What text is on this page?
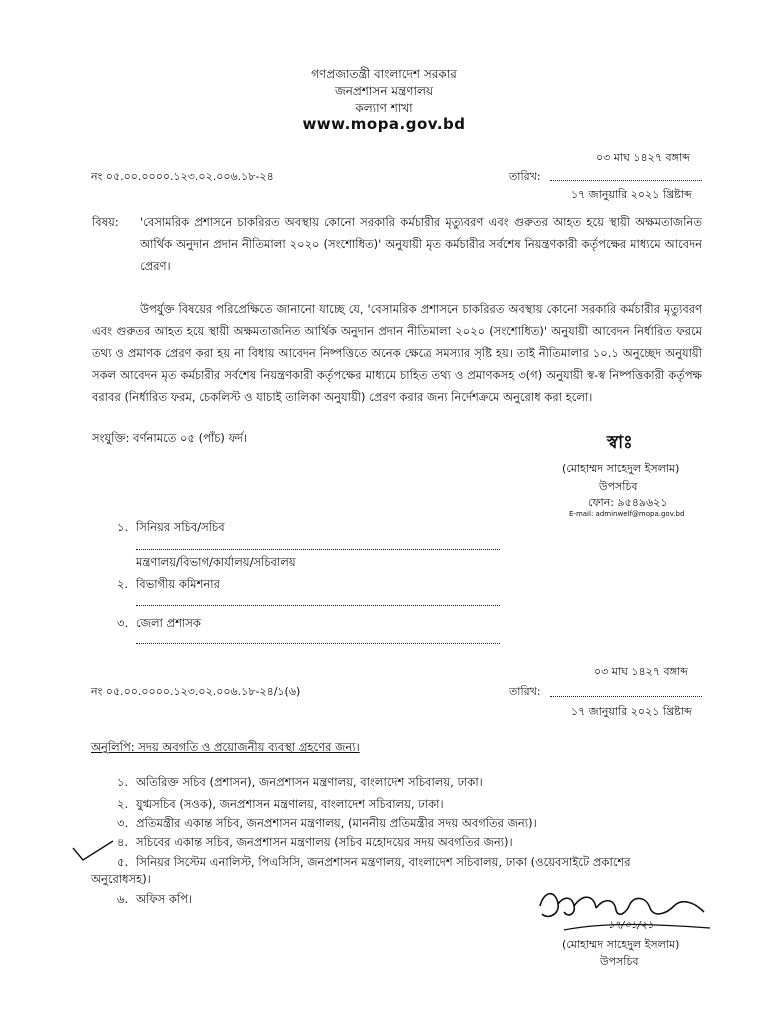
গণপ্রজাতন্ত্রী বাংলাদেশ সরকার
জনপ্রশাসন মন্ত্রণালয়
কল্যাণ শাখা
www.mopa.gov.bd
০৩ মাঘ ১৪২৭ বঙ্গাব্দ
নং ০৫.০০.০০০০.১২৩.০২.০০৬.১৮-২৪	তারিখ:
১৭ জানুয়ারি ২০২১ খ্রিষ্টাব্দ
বিষয়: 'বেসামরিক প্রশাসনে চাকরিরত অবস্থায় কোনো সরকারি কর্মচারীর মৃত্যুবরণ এবং গুরুতর আহত হয়ে স্থায়ী অক্ষমতাজনিত আর্থিক অনুদান প্রদান নীতিমালা ২০২০ (সংশোধিত)' অনুযায়ী মৃত কর্মচারীর সর্বশেষ নিয়ন্ত্রণকারী কর্তৃপক্ষের মাধ্যমে আবেদন প্রেরণ।
উপর্যুক্ত বিষয়ের পরিপ্রেক্ষিতে জানানো যাচ্ছে যে, 'বেসামরিক প্রশাসনে চাকরিরত অবস্থায় কোনো সরকারি কর্মচারীর মৃত্যুবরণ এবং গুরুতর আহত হয়ে স্থায়ী অক্ষমতাজনিত আর্থিক অনুদান প্রদান নীতিমালা ২০২০ (সংশোধিত)' অনুযায়ী আবেদন নির্ধারিত ফরমে তথ্য ও প্রমাণক প্রেরণ করা হয় না বিধায় আবেদন নিষ্পত্তিতে অনেক ক্ষেত্রে সমস্যার সৃষ্টি হয়। তাই নীতিমালার ১০.১ অনুচ্ছেদ অনুযায়ী সকল আবেদন মৃত কর্মচারীর সর্বশেষ নিয়ন্ত্রণকারী কর্তৃপক্ষের মাধ্যমে চাহিত তথ্য ও প্রমাণকসহ ৩(গ) অনুযায়ী স্ব-স্ব নিষ্পত্তিকারী কর্তৃপক্ষ বরাবর (নির্ধারিত ফরম, চেকলিস্ট ও যাচাই তালিকা অনুযায়ী) প্রেরণ করার জন্য নির্দেশক্রমে অনুরোধ করা হলো।
সংযুক্তি: বর্ণনামতে ০৫ (পাঁচ) ফর্দ।	স্বাঃ
(মোহাম্মদ সাহেদুল ইসলাম)
উপসচিব
ফোন: ৯৫৪৯৬২১
E-mail: adminwelf@mopa.gov.bd
১. সিনিয়র সচিব/সচিব
মন্ত্রণালয়/বিভাগ/কার্যালয়/সচিবালয়
২. বিভাগীয় কমিশনার
৩. জেলা প্রশাসক
০৩ মাঘ ১৪২৭ বঙ্গাব্দ
নং ০৫.০০.০০০০.১২৩.০২.০০৬.১৮-২৪/১(৬)	তারিখ:
১৭ জানুয়ারি ২০২১ খ্রিষ্টাব্দ
অনুলিপি: সদয় অবগতি ও প্রয়োজনীয় ব্যবস্থা গ্রহণের জন্য।
১. অতিরিক্ত সচিব (প্রশাসন), জনপ্রশাসন মন্ত্রণালয়, বাংলাদেশ সচিবালয়, ঢাকা।
২. যুগ্মসচিব (সওক), জনপ্রশাসন মন্ত্রণালয়, বাংলাদেশ সচিবালয়, ঢাকা।
৩. প্রতিমন্ত্রীর একান্ত সচিব, জনপ্রশাসন মন্ত্রণালয়, (মাননীয় প্রতিমন্ত্রীর সদয় অবগতির জন্য)।
৪. সচিবের একান্ত সচিব, জনপ্রশাসন মন্ত্রণালয় (সচিব মহোদয়ের সদয় অবগতির জন্য)।
৫. সিনিয়র সিস্টেম এনালিস্ট, পিএসিসি, জনপ্রশাসন মন্ত্রণালয়, বাংলাদেশ সচিবালয়, ঢাকা (ওয়েবসাইটে প্রকাশের
অনুরোধসহ)।
৬. অফিস কপি।
১৭/০১/২১
(মোহাম্মদ সাহেদুল ইসলাম)
উপসচিব
